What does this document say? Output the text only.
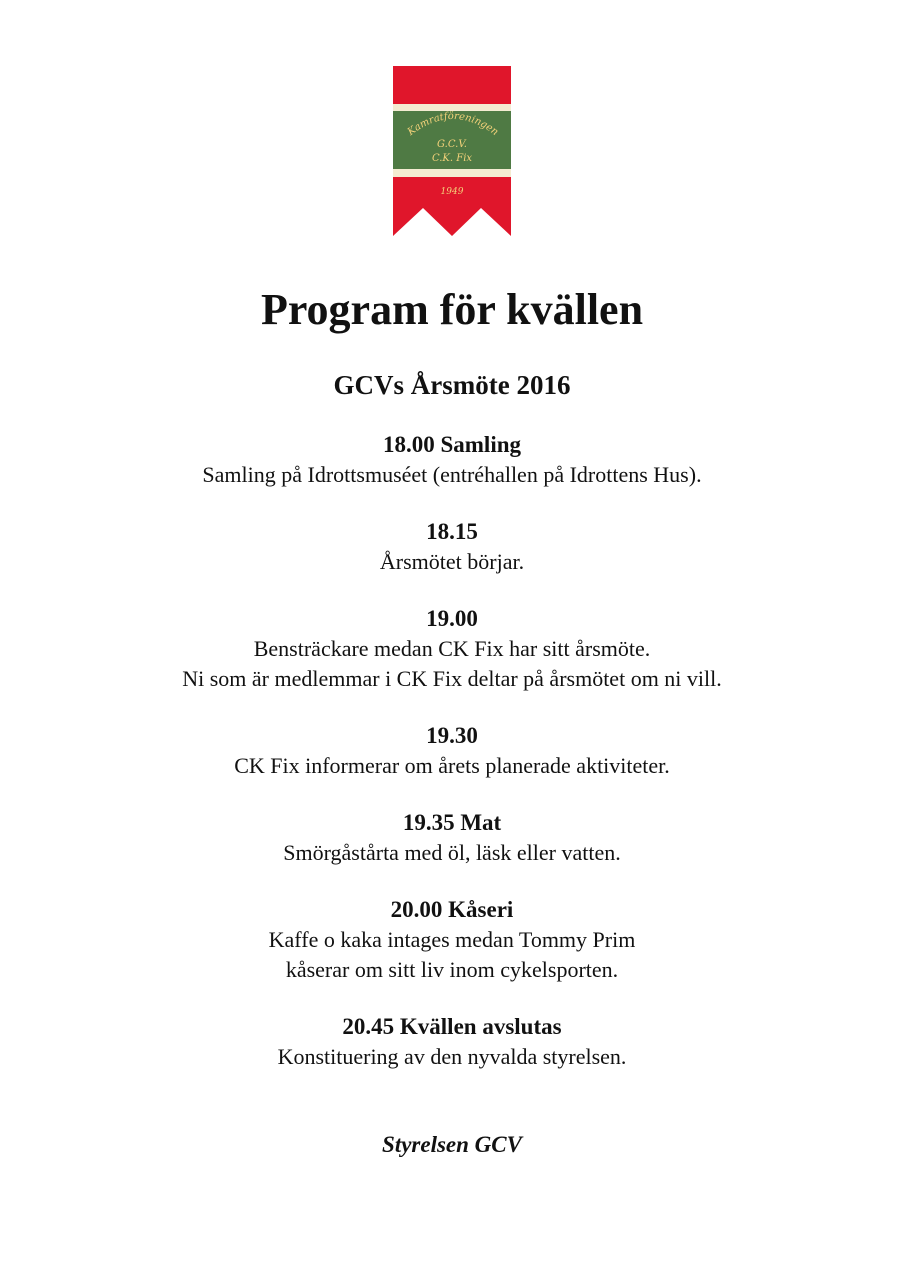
Kamratföreningen
G.C.V.
C.K. Fix
1949
Program för kvällen
GCVs Årsmöte 2016
18.00 Samling
Samling på Idrottsmuséet (entréhallen på Idrottens Hus).
18.15
Årsmötet börjar.
19.00
Bensträckare medan CK Fix har sitt årsmöte.
Ni som är medlemmar i CK Fix deltar på årsmötet om ni vill.
19.30
CK Fix informerar om årets planerade aktiviteter.
19.35 Mat
Smörgåstårta med öl, läsk eller vatten.
20.00 Kåseri
Kaffe o kaka intages medan Tommy Prim
kåserar om sitt liv inom cykelsporten.
20.45 Kvällen avslutas
Konstituering av den nyvalda styrelsen.
Styrelsen GCV
